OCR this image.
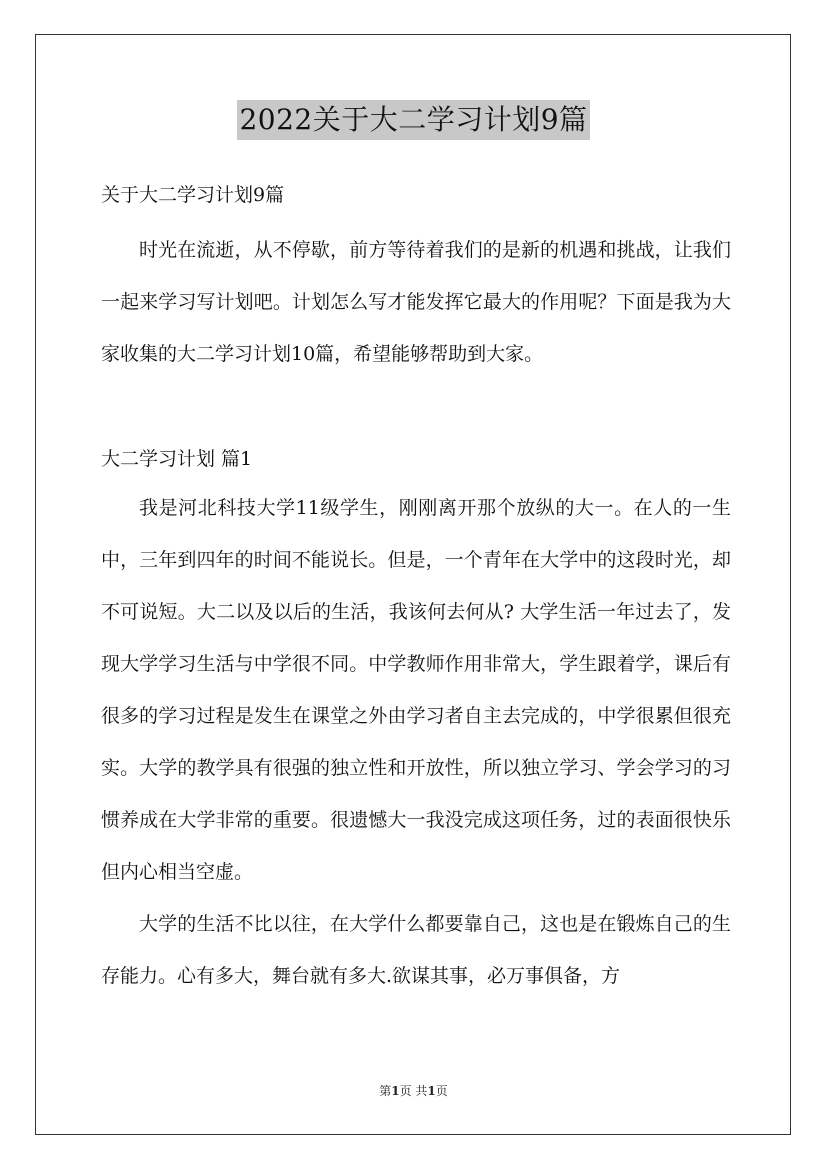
2022关于大二学习计划9篇

关于大二学习计划9篇

时光在流逝，从不停歇，前方等待着我们的是新的机遇和挑战，让我们一起来学习写计划吧。计划怎么写才能发挥它最大的作用呢？下面是我为大家收集的大二学习计划10篇，希望能够帮助到大家。

大二学习计划 篇1

我是河北科技大学11级学生，刚刚离开那个放纵的大一。在人的一生中，三年到四年的时间不能说长。但是，一个青年在大学中的这段时光，却不可说短。大二以及以后的生活，我该何去何从? 大学生活一年过去了，发现大学学习生活与中学很不同。中学教师作用非常大，学生跟着学，课后有很多的学习过程是发生在课堂之外由学习者自主去完成的，中学很累但很充实。大学的教学具有很强的独立性和开放性，所以独立学习、学会学习的习惯养成在大学非常的重要。很遗憾大一我没完成这项任务，过的表面很快乐但内心相当空虚。

大学的生活不比以往，在大学什么都要靠自己，这也是在锻炼自己的生存能力。心有多大，舞台就有多大.欲谋其事，必万事俱备，方

第1页 共1页
